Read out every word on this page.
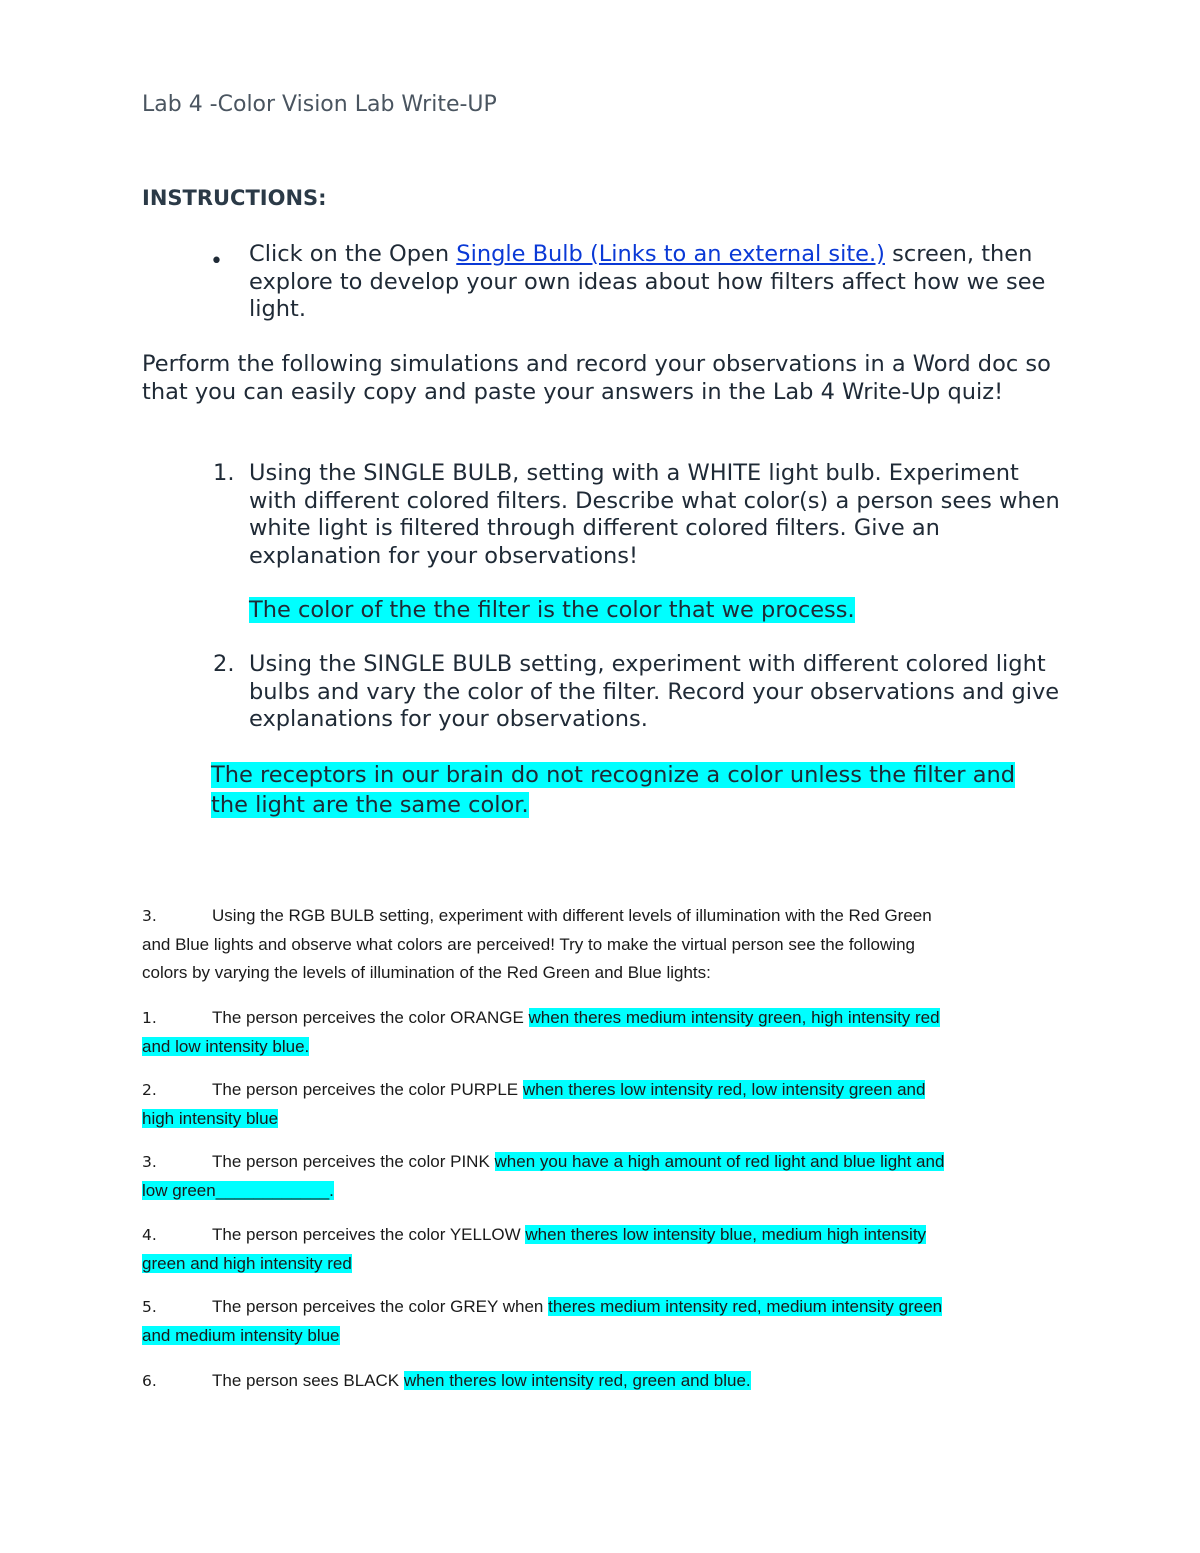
Lab 4 -Color Vision Lab Write-UP
INSTRUCTIONS:
• Click on the Open Single Bulb (Links to an external site.) screen, then explore to develop your own ideas about how filters affect how we see light.
Perform the following simulations and record your observations in a Word doc so that you can easily copy and paste your answers in the Lab 4 Write-Up quiz!
1. Using the SINGLE BULB, setting with a WHITE light bulb. Experiment with different colored filters. Describe what color(s) a person sees when white light is filtered through different colored filters. Give an explanation for your observations!
The color of the the filter is the color that we process.
2. Using the SINGLE BULB setting, experiment with different colored light bulbs and vary the color of the filter. Record your observations and give explanations for your observations.
The receptors in our brain do not recognize a color unless the filter and
the light are the same color.
3.	Using the RGB BULB setting, experiment with different levels of illumination with the Red Green
and Blue lights and observe what colors are perceived! Try to make the virtual person see the following
colors by varying the levels of illumination of the Red Green and Blue lights:
1.	The person perceives the color ORANGE when theres medium intensity green, high intensity red
and low intensity blue.
2.	The person perceives the color PURPLE when theres low intensity red, low intensity green and
high intensity blue
3.	The person perceives the color PINK when you have a high amount of red light and blue light and
low green____________.
4.	The person perceives the color YELLOW when theres low intensity blue, medium high intensity
green and high intensity red
5.	The person perceives the color GREY when theres medium intensity red, medium intensity green
and medium intensity blue
6.	The person sees BLACK when theres low intensity red, green and blue.
